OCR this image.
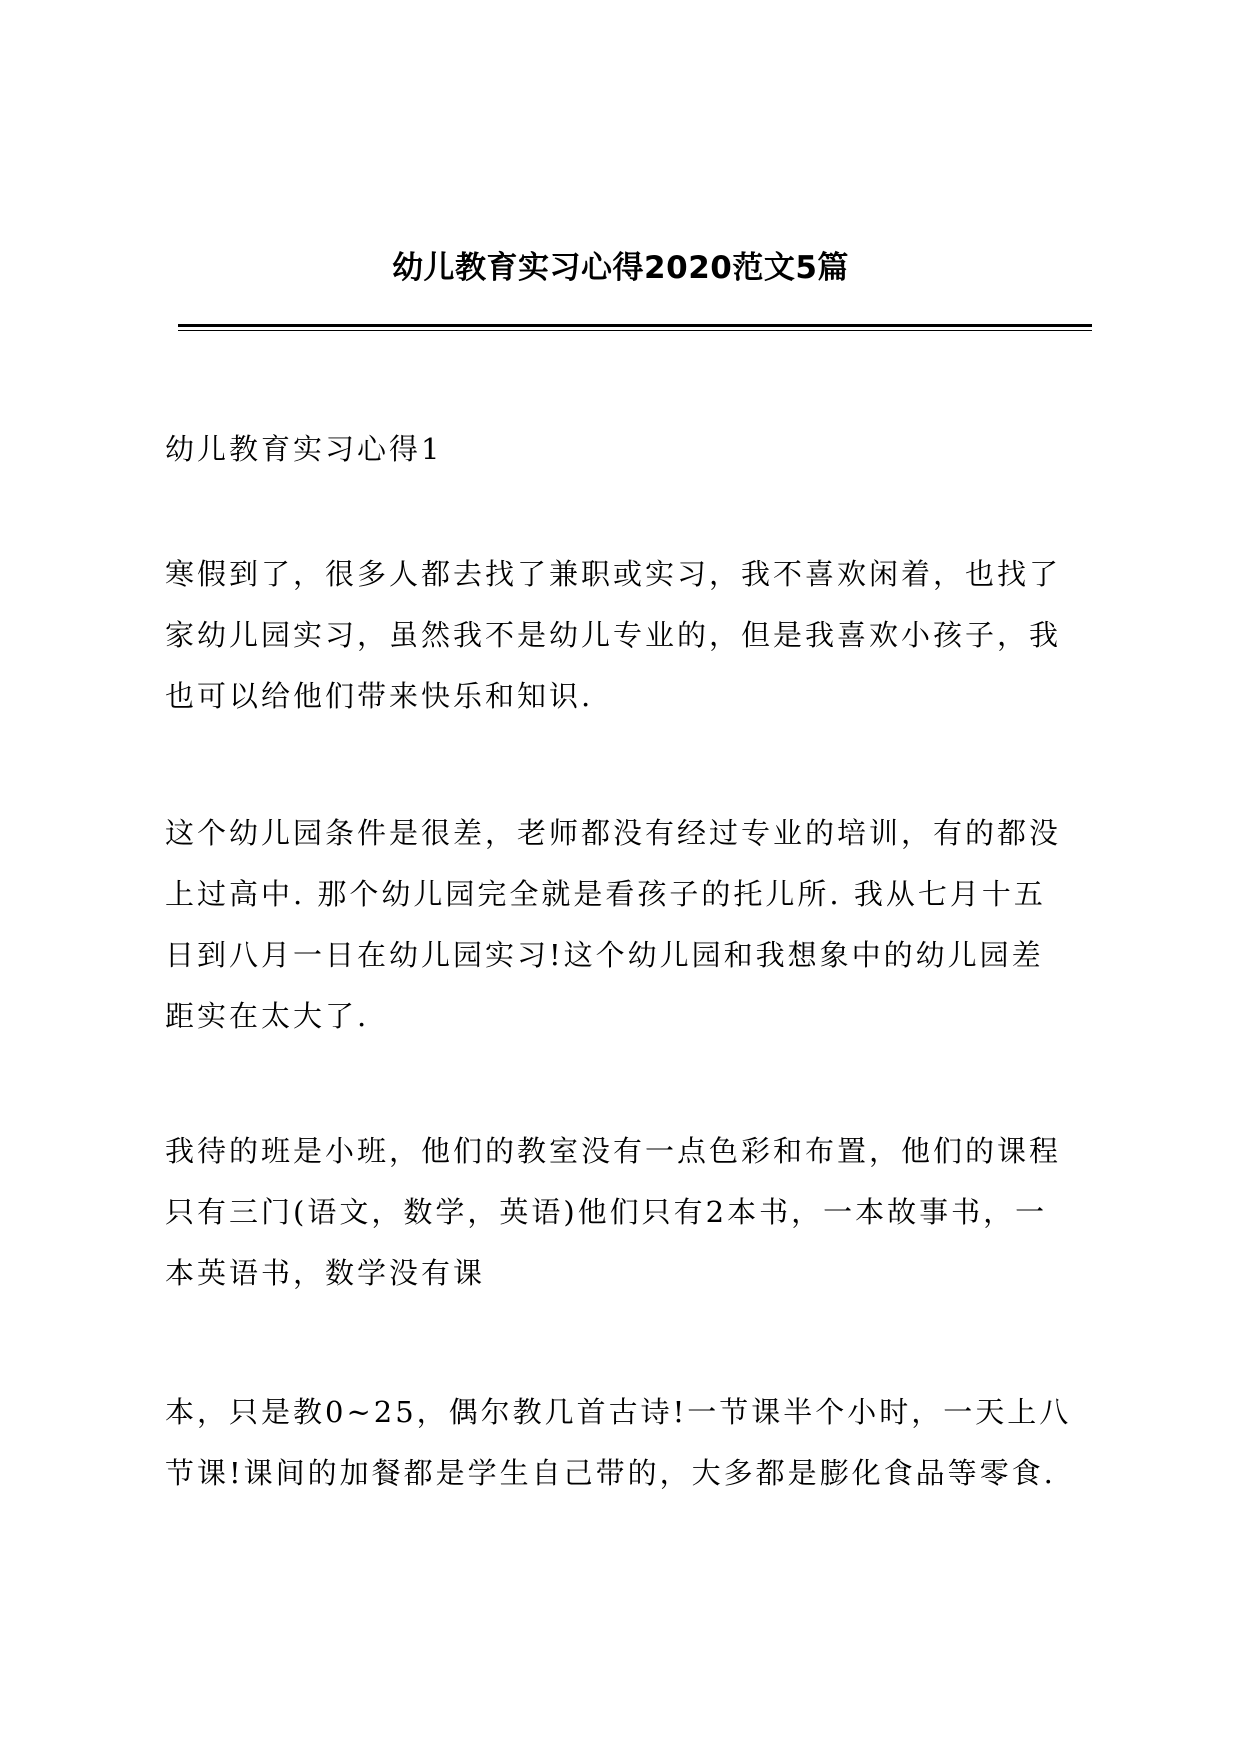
幼儿教育实习心得2020范文5篇

幼儿教育实习心得1

寒假到了，很多人都去找了兼职或实习，我不喜欢闲着，也找了
家幼儿园实习，虽然我不是幼儿专业的，但是我喜欢小孩子，我
也可以给他们带来快乐和知识.

这个幼儿园条件是很差，老师都没有经过专业的培训，有的都没
上过高中. 那个幼儿园完全就是看孩子的托儿所. 我从七月十五
日到八月一日在幼儿园实习!这个幼儿园和我想象中的幼儿园差
距实在太大了.

我待的班是小班，他们的教室没有一点色彩和布置，他们的课程
只有三门(语文，数学，英语)他们只有2本书，一本故事书，一
本英语书，数学没有课

本，只是教0~25，偶尔教几首古诗!一节课半个小时，一天上八
节课!课间的加餐都是学生自己带的，大多都是膨化食品等零食.
